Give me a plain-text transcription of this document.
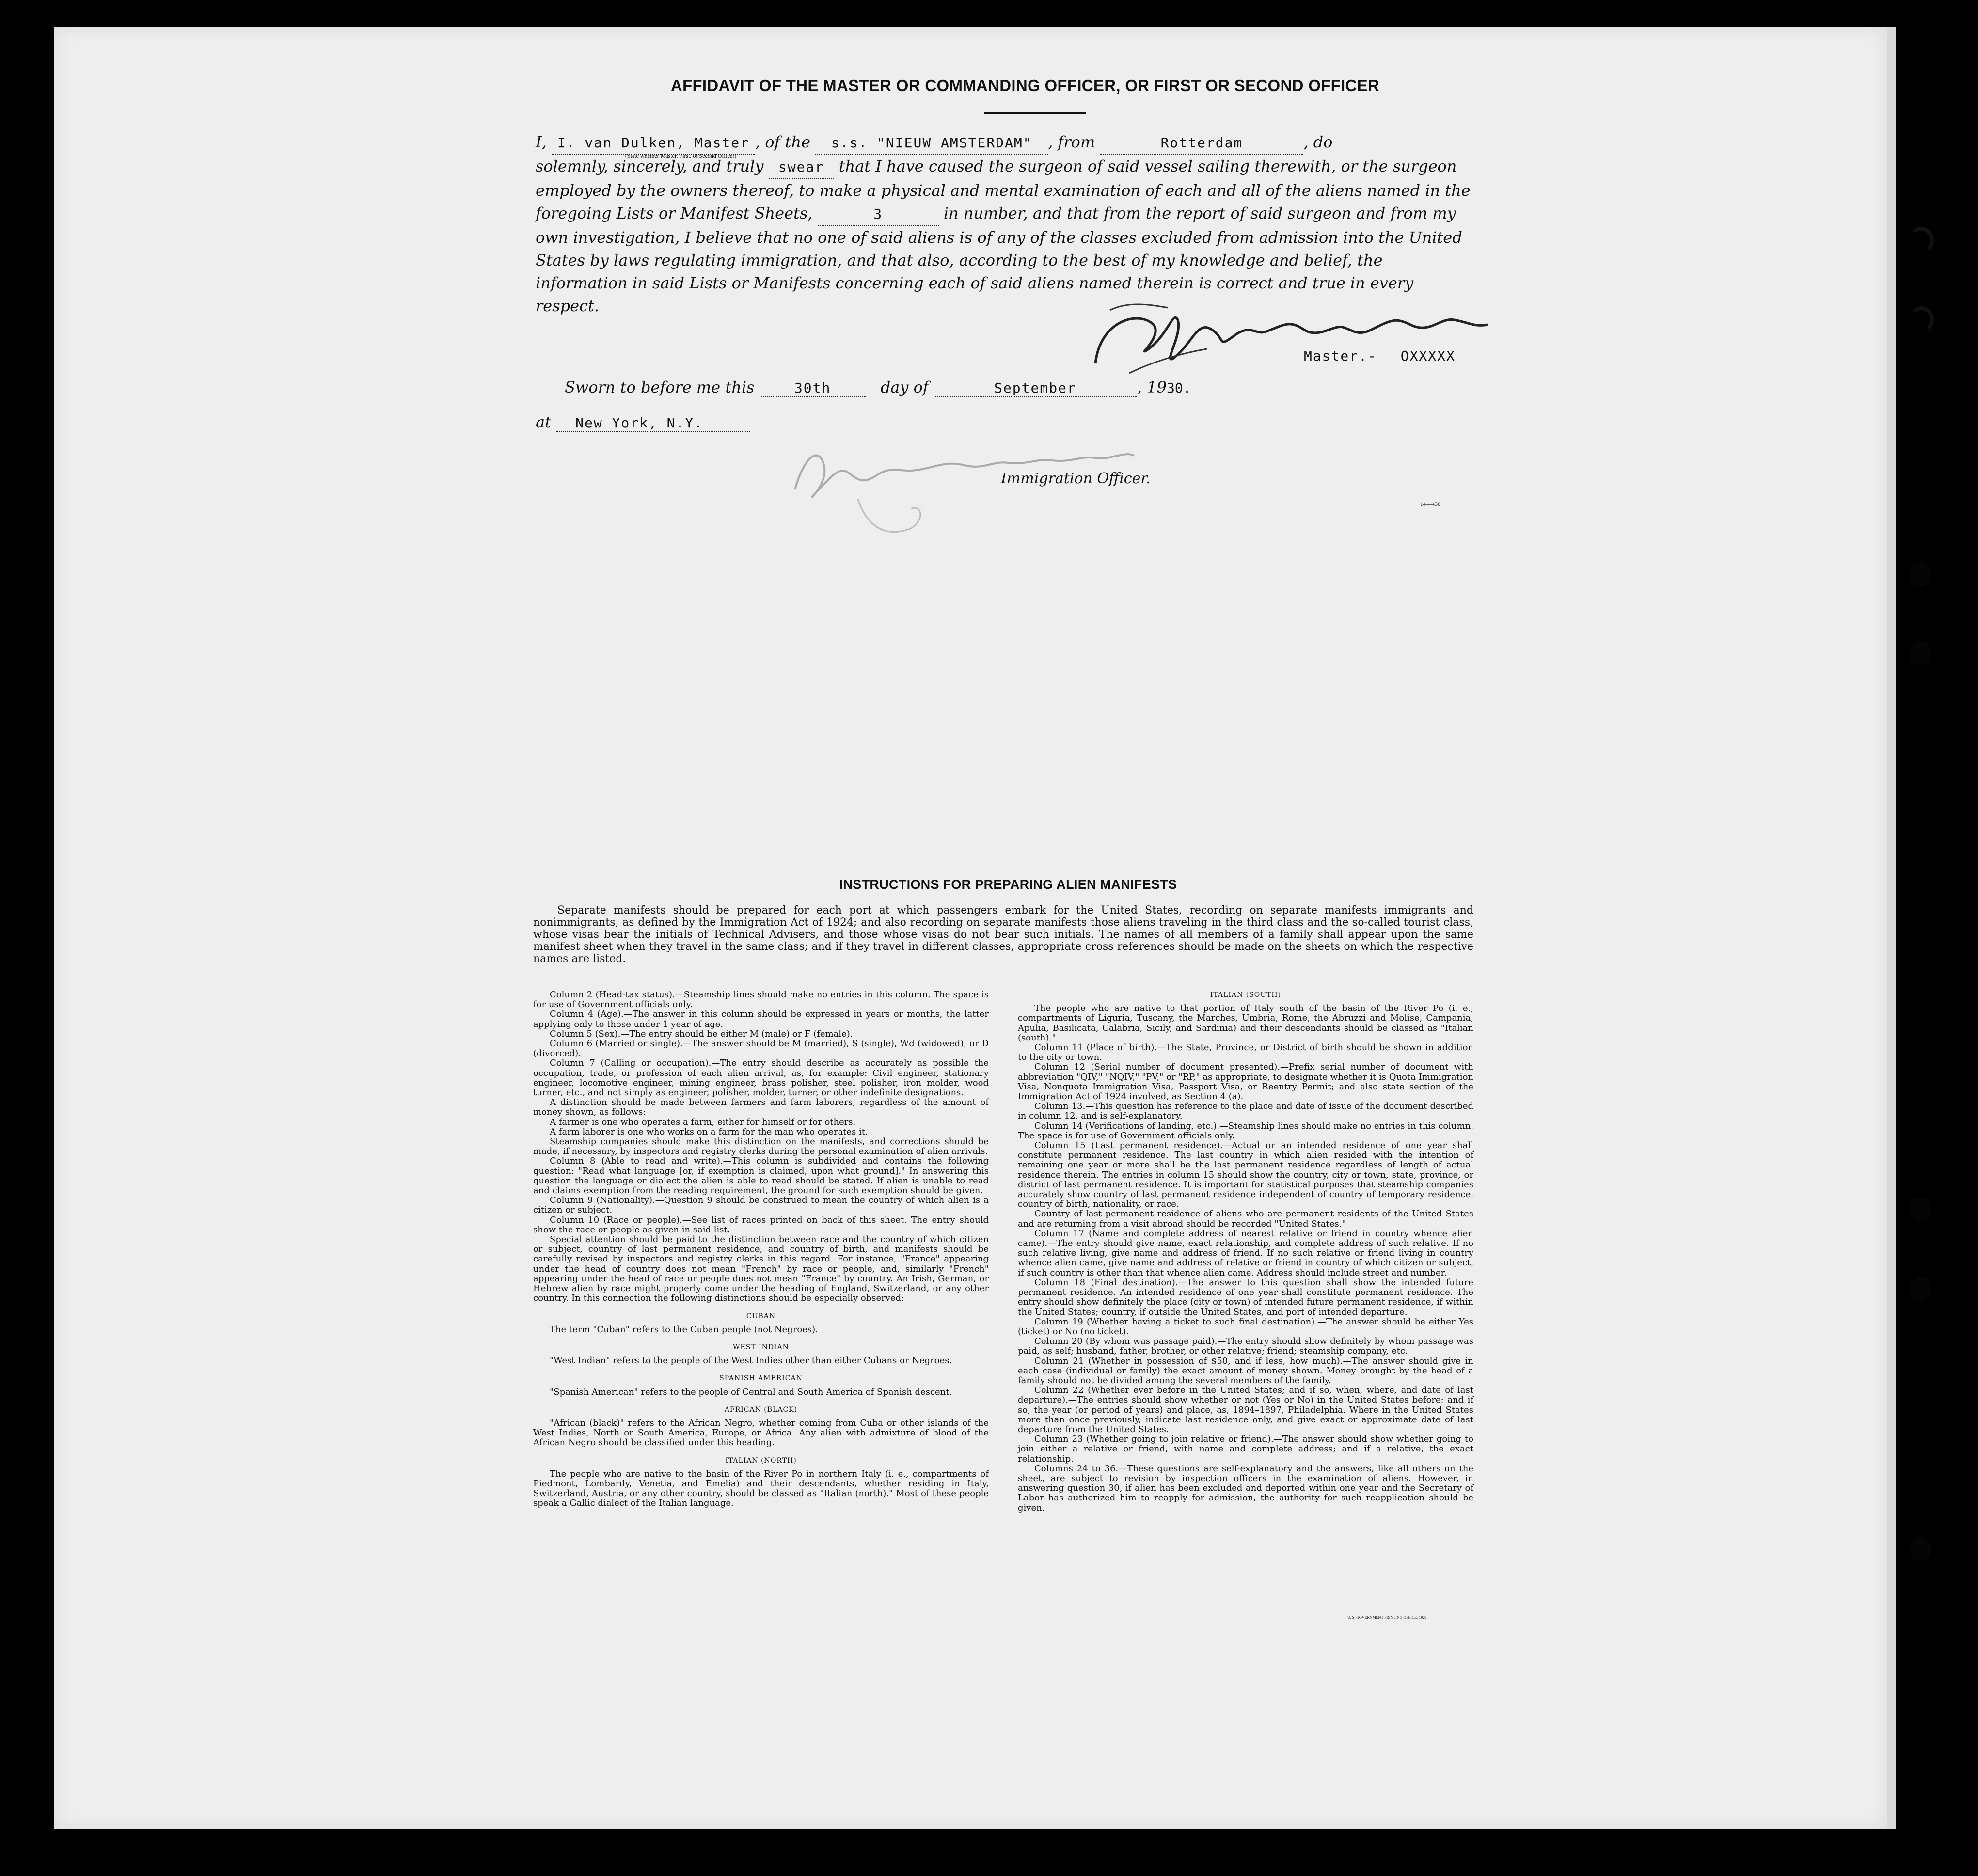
AFFIDAVIT OF THE MASTER OR COMMANDING OFFICER, OR FIRST OR SECOND OFFICER
I, I. van Dulken, Master , of the s.s. "NIEUW AMSTERDAM" , from	Rotterdam	, do
solemnly, sincerely, and truly swear that I have caused the surgeon of said vessel sailing therewith, or the surgeon employed by the owners thereof, to make a physical and mental examination of each and all of the aliens named in the foregoing Lists or Manifest Sheets,	3	in number, and that from the report of said surgeon and from my own investigation, I believe that no one of said aliens is of any of the classes excluded from admission into the United States by laws regulating immigration, and that also, according to the best of my knowledge and belief, the information in said Lists or Manifests concerning each of said aliens named therein is correct and true in every respect.
(State whether Master, First, or Second Officer)
Master.- OXXXXX
Sworn to before me this	30th	day of	September	, 1930.
at New York, N.Y.
Immigration Officer.
14—430
INSTRUCTIONS FOR PREPARING ALIEN MANIFESTS
Separate manifests should be prepared for each port at which passengers embark for the United States, recording on separate manifests immigrants and nonimmigrants, as defined by the Immigration Act of 1924; and also recording on separate manifests those aliens traveling in the third class and the so-called tourist class, whose visas bear the initials of Technical Advisers, and those whose visas do not bear such initials. The names of all members of a family shall appear upon the same manifest sheet when they travel in the same class; and if they travel in different classes, appropriate cross references should be made on the sheets on which the respective names are listed.

Column 2 (Head-tax status).—Steamship lines should make no entries in this column. The space is for use of Government officials only.

Column 4 (Age).—The answer in this column should be expressed in years or months, the latter applying only to those under 1 year of age.

Column 5 (Sex).—The entry should be either M (male) or F (female).

Column 6 (Married or single).—The answer should be M (married), S (single), Wd (widowed), or D (divorced).

Column 7 (Calling or occupation).—The entry should describe as accurately as possible the occupation, trade, or profession of each alien arrival, as, for example: Civil engineer, stationary engineer, locomotive engineer, mining engineer, brass polisher, steel polisher, iron molder, wood turner, etc., and not simply as engineer, polisher, molder, turner, or other indefinite designations.

A distinction should be made between farmers and farm laborers, regardless of the amount of money shown, as follows:

A farmer is one who operates a farm, either for himself or for others.

A farm laborer is one who works on a farm for the man who operates it.

Steamship companies should make this distinction on the manifests, and corrections should be made, if necessary, by inspectors and registry clerks during the personal examination of alien arrivals.

Column 8 (Able to read and write).—This column is subdivided and contains the following question: "Read what language [or, if exemption is claimed, upon what ground]." In answering this question the language or dialect the alien is able to read should be stated. If alien is unable to read and claims exemption from the reading requirement, the ground for such exemption should be given.

Column 9 (Nationality).—Question 9 should be construed to mean the country of which alien is a citizen or subject.

Column 10 (Race or people).—See list of races printed on back of this sheet. The entry should show the race or people as given in said list.

Special attention should be paid to the distinction between race and the country of which citizen or subject, country of last permanent residence, and country of birth, and manifests should be carefully revised by inspectors and registry clerks in this regard. For instance, "France" appearing under the head of country does not mean "French" by race or people, and, similarly "French" appearing under the head of race or people does not mean "France" by country. An Irish, German, or Hebrew alien by race might properly come under the heading of England, Switzerland, or any other country. In this connection the following distinctions should be especially observed:

CUBAN

The term "Cuban" refers to the Cuban people (not Negroes).

WEST INDIAN

"West Indian" refers to the people of the West Indies other than either Cubans or Negroes.

SPANISH AMERICAN

"Spanish American" refers to the people of Central and South America of Spanish descent.

AFRICAN (BLACK)

"African (black)" refers to the African Negro, whether coming from Cuba or other islands of the West Indies, North or South America, Europe, or Africa. Any alien with admixture of blood of the African Negro should be classified under this heading.

ITALIAN (NORTH)

The people who are native to the basin of the River Po in northern Italy (i. e., compartments of Piedmont, Lombardy, Venetia, and Emelia) and their descendants, whether residing in Italy, Switzerland, Austria, or any other country, should be classed as "Italian (north)." Most of these people speak a Gallic dialect of the Italian language.

ITALIAN (SOUTH)

The people who are native to that portion of Italy south of the basin of the River Po (i. e., compartments of Liguria, Tuscany, the Marches, Umbria, Rome, the Abruzzi and Molise, Campania, Apulia, Basilicata, Calabria, Sicily, and Sardinia) and their descendants should be classed as "Italian (south)."

Column 11 (Place of birth).—The State, Province, or District of birth should be shown in addition to the city or town.

Column 12 (Serial number of document presented).—Prefix serial number of document with abbreviation "QIV," "NQIV," "PV," or "RP," as appropriate, to designate whether it is Quota Immigration Visa, Nonquota Immigration Visa, Passport Visa, or Reentry Permit; and also state section of the Immigration Act of 1924 involved, as Section 4 (a).

Column 13.—This question has reference to the place and date of issue of the document described in column 12, and is self-explanatory.

Column 14 (Verifications of landing, etc.).—Steamship lines should make no entries in this column. The space is for use of Government officials only.

Column 15 (Last permanent residence).—Actual or an intended residence of one year shall constitute permanent residence. The last country in which alien resided with the intention of remaining one year or more shall be the last permanent residence regardless of length of actual residence therein. The entries in column 15 should show the country, city or town, state, province, or district of last permanent residence. It is important for statistical purposes that steamship companies accurately show country of last permanent residence independent of country of temporary residence, country of birth, nationality, or race.

Country of last permanent residence of aliens who are permanent residents of the United States and are returning from a visit abroad should be recorded "United States."

Column 17 (Name and complete address of nearest relative or friend in country whence alien came).—The entry should give name, exact relationship, and complete address of such relative. If no such relative living, give name and address of friend. If no such relative or friend living in country whence alien came, give name and address of relative or friend in country of which citizen or subject, if such country is other than that whence alien came. Address should include street and number.

Column 18 (Final destination).—The answer to this question shall show the intended future permanent residence. An intended residence of one year shall constitute permanent residence. The entry should show definitely the place (city or town) of intended future permanent residence, if within the United States; country, if outside the United States, and port of intended departure.

Column 19 (Whether having a ticket to such final destination).—The answer should be either Yes (ticket) or No (no ticket).

Column 20 (By whom was passage paid).—The entry should show definitely by whom passage was paid, as self; husband, father, brother, or other relative; friend; steamship company, etc.

Column 21 (Whether in possession of $50, and if less, how much).—The answer should give in each case (individual or family) the exact amount of money shown. Money brought by the head of a family should not be divided among the several members of the family.

Column 22 (Whether ever before in the United States; and if so, when, where, and date of last departure).—The entries should show whether or not (Yes or No) in the United States before; and if so, the year (or period of years) and place, as, 1894–1897, Philadelphia. Where in the United States more than once previously, indicate last residence only, and give exact or approximate date of last departure from the United States.

Column 23 (Whether going to join relative or friend).—The answer should show whether going to join either a relative or friend, with name and complete address; and if a relative, the exact relationship.

Columns 24 to 36.—These questions are self-explanatory and the answers, like all others on the sheet, are subject to revision by inspection officers in the examination of aliens. However, in answering question 30, if alien has been excluded and deported within one year and the Secretary of Labor has authorized him to reapply for admission, the authority for such reapplication should be given.

U. S. GOVERNMENT PRINTING OFFICE: 1929
